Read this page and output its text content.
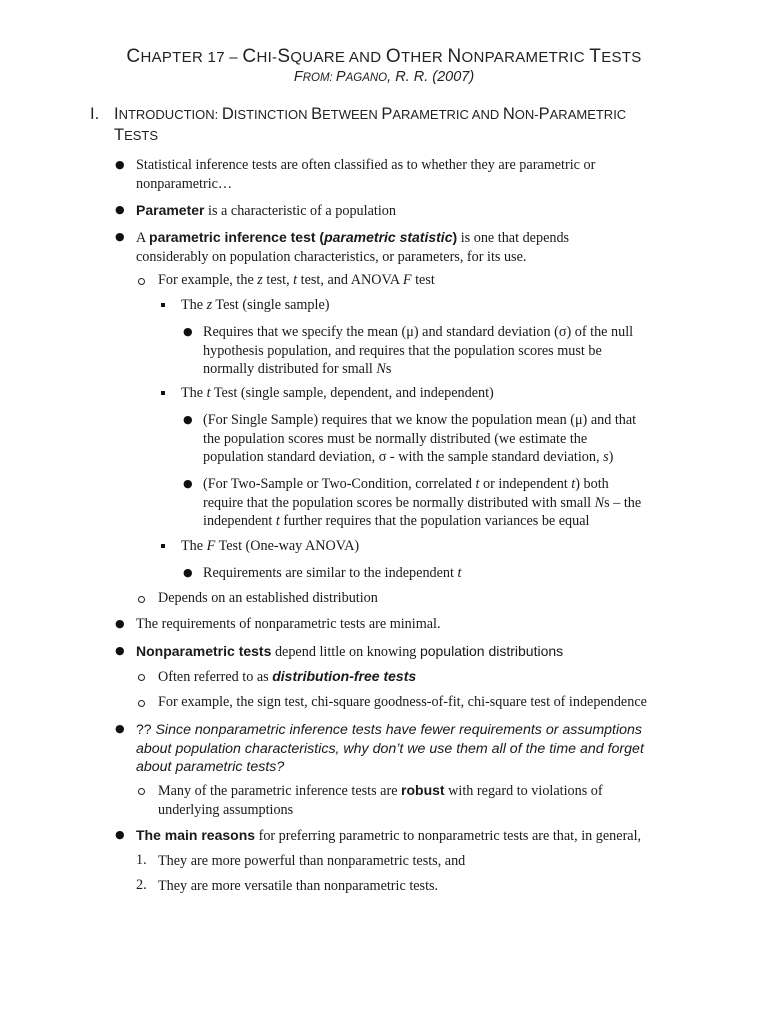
CHAPTER 17 – CHI-SQUARE AND OTHER NONPARAMETRIC TESTS
FROM: PAGANO, R. R. (2007)
I. INTRODUCTION: DISTINCTION BETWEEN PARAMETRIC AND NON-PARAMETRIC
TESTS
● Statistical inference tests are often classified as to whether they are parametric or
nonparametric…
● Parameter is a characteristic of a population
● A parametric inference test (parametric statistic) is one that depends
considerably on population characteristics, or parameters, for its use.
For example, the z test, t test, and ANOVA F test
The z Test (single sample)
● Requires that we specify the mean (μ) and standard deviation (σ) of the null
hypothesis population, and requires that the population scores must be
normally distributed for small Ns
The t Test (single sample, dependent, and independent)
● (For Single Sample) requires that we know the population mean (μ) and that
the population scores must be normally distributed (we estimate the
population standard deviation, σ - with the sample standard deviation, s)
● (For Two-Sample or Two-Condition, correlated t or independent t) both
require that the population scores be normally distributed with small Ns – the
independent t further requires that the population variances be equal
The F Test (One-way ANOVA)
● Requirements are similar to the independent t
Depends on an established distribution
● The requirements of nonparametric tests are minimal.
● Nonparametric tests depend little on knowing population distributions
Often referred to as distribution-free tests
For example, the sign test, chi-square goodness-of-fit, chi-square test of independence
● ?? Since nonparametric inference tests have fewer requirements or assumptions
about population characteristics, why don’t we use them all of the time and forget
about parametric tests?
Many of the parametric inference tests are robust with regard to violations of
underlying assumptions
● The main reasons for preferring parametric to nonparametric tests are that, in general,
1. They are more powerful than nonparametric tests, and
2. They are more versatile than nonparametric tests.
